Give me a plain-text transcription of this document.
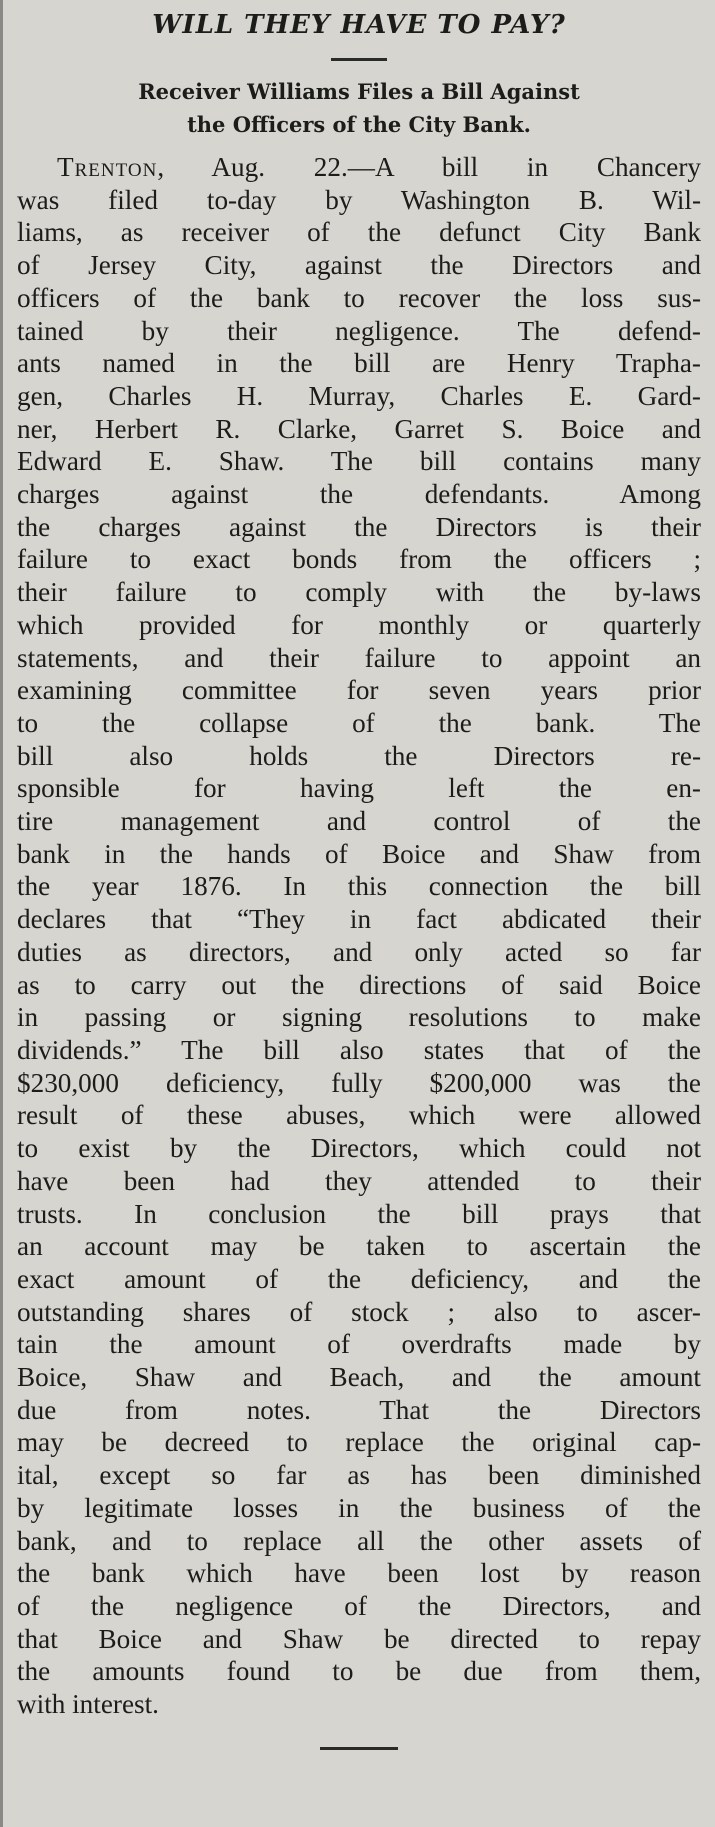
WILL THEY HAVE TO PAY?
Receiver Williams Files a Bill Against
the Officers of the City Bank.
Trenton, Aug. 22.—A bill in Chancery
was filed to-day by Washington B. Wil-
liams, as receiver of the defunct City Bank
of Jersey City, against the Directors and
officers of the bank to recover the loss sus-
tained by their negligence. The defend-
ants named in the bill are Henry Trapha-
gen, Charles H. Murray, Charles E. Gard-
ner, Herbert R. Clarke, Garret S. Boice and
Edward E. Shaw. The bill contains many
charges against the defendants. Among
the charges against the Directors is their
failure to exact bonds from the officers ;
their failure to comply with the by-laws
which provided for monthly or quarterly
statements, and their failure to appoint an
examining committee for seven years prior
to the collapse of the bank. The
bill also holds the Directors re-
sponsible for having left the en-
tire management and control of the
bank in the hands of Boice and Shaw from
the year 1876. In this connection the bill
declares that “They in fact abdicated their
duties as directors, and only acted so far
as to carry out the directions of said Boice
in passing or signing resolutions to make
dividends.” The bill also states that of the
$230,000 deficiency, fully $200,000 was the
result of these abuses, which were allowed
to exist by the Directors, which could not
have been had they attended to their
trusts. In conclusion the bill prays that
an account may be taken to ascertain the
exact amount of the deficiency, and the
outstanding shares of stock ; also to ascer-
tain the amount of overdrafts made by
Boice, Shaw and Beach, and the amount
due from notes. That the Directors
may be decreed to replace the original cap-
ital, except so far as has been diminished
by legitimate losses in the business of the
bank, and to replace all the other assets of
the bank which have been lost by reason
of the negligence of the Directors, and
that Boice and Shaw be directed to repay
the amounts found to be due from them,
with interest.
